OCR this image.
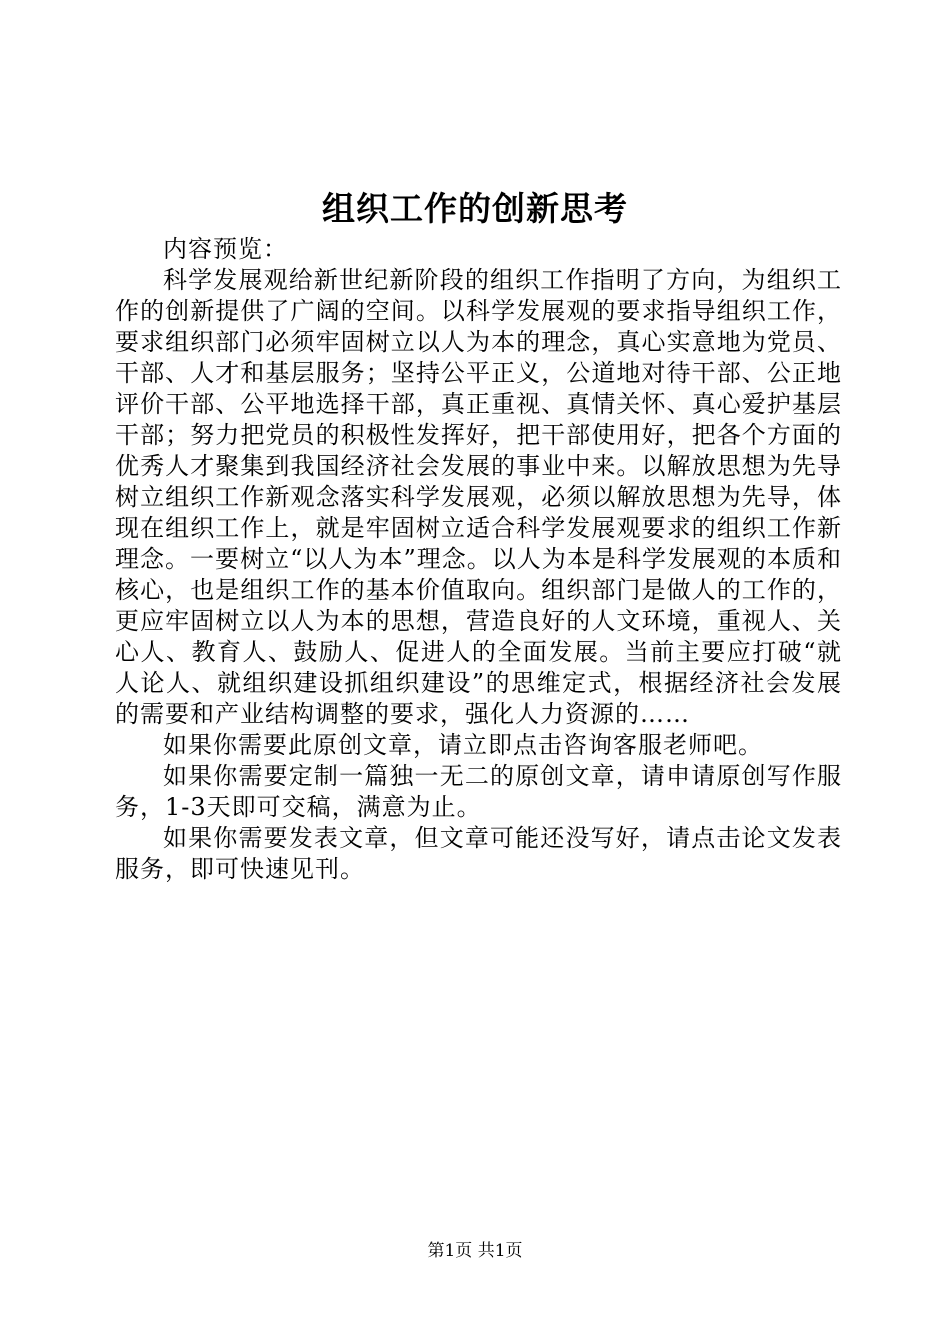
组织工作的创新思考

内容预览：

科学发展观给新世纪新阶段的组织工作指明了方向，为组织工作的创新提供了广阔的空间。以科学发展观的要求指导组织工作，要求组织部门必须牢固树立以人为本的理念，真心实意地为党员、干部、人才和基层服务；坚持公平正义，公道地对待干部、公正地评价干部、公平地选择干部，真正重视、真情关怀、真心爱护基层干部；努力把党员的积极性发挥好，把干部使用好，把各个方面的优秀人才聚集到我国经济社会发展的事业中来。以解放思想为先导树立组织工作新观念落实科学发展观，必须以解放思想为先导，体现在组织工作上，就是牢固树立适合科学发展观要求的组织工作新理念。一要树立“以人为本”理念。以人为本是科学发展观的本质和核心，也是组织工作的基本价值取向。组织部门是做人的工作的，更应牢固树立以人为本的思想，营造良好的人文环境，重视人、关心人、教育人、鼓励人、促进人的全面发展。当前主要应打破“就人论人、就组织建设抓组织建设”的思维定式，根据经济社会发展的需要和产业结构调整的要求，强化人力资源的……

如果你需要此原创文章，请立即点击咨询客服老师吧。

如果你需要定制一篇独一无二的原创文章，请申请原创写作服务，1-3天即可交稿，满意为止。

如果你需要发表文章，但文章可能还没写好，请点击论文发表服务，即可快速见刊。

第1页 共1页
